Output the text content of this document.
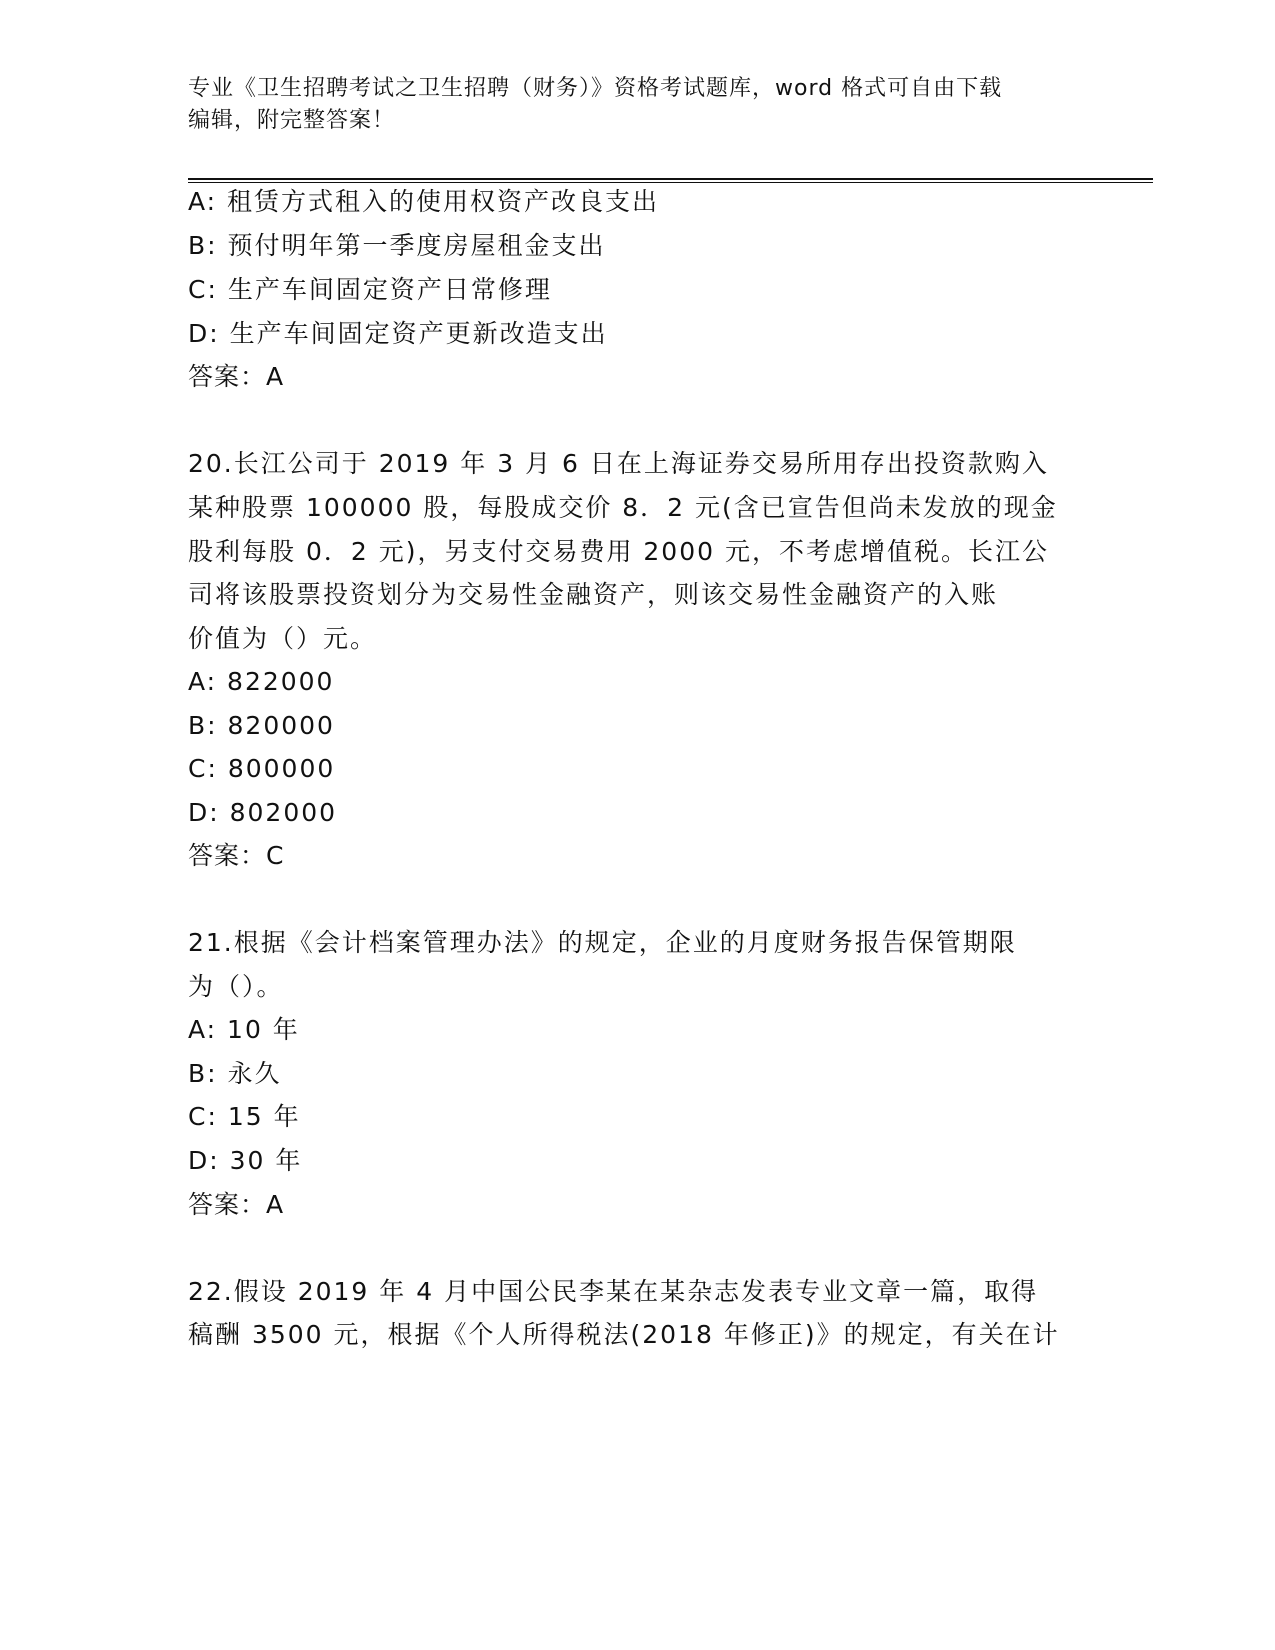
专业《卫生招聘考试之卫生招聘（财务）》资格考试题库，word 格式可自由下载
编辑，附完整答案！
A: 租赁方式租入的使用权资产改良支出
B: 预付明年第一季度房屋租金支出
C: 生产车间固定资产日常修理
D: 生产车间固定资产更新改造支出
答案：A
20.长江公司于 2019 年 3 月 6 日在上海证券交易所用存出投资款购入
某种股票 100000 股，每股成交价 8．2 元(含已宣告但尚未发放的现金
股利每股 0．2 元)，另支付交易费用 2000 元，不考虑增值税。长江公
司将该股票投资划分为交易性金融资产，则该交易性金融资产的入账
价值为（）元。
A: 822000
B: 820000
C: 800000
D: 802000
答案：C
21.根据《会计档案管理办法》的规定，企业的月度财务报告保管期限
为（）。
A: 10 年
B: 永久
C: 15 年
D: 30 年
答案：A
22.假设 2019 年 4 月中国公民李某在某杂志发表专业文章一篇，取得
稿酬 3500 元，根据《个人所得税法(2018 年修正)》的规定，有关在计
